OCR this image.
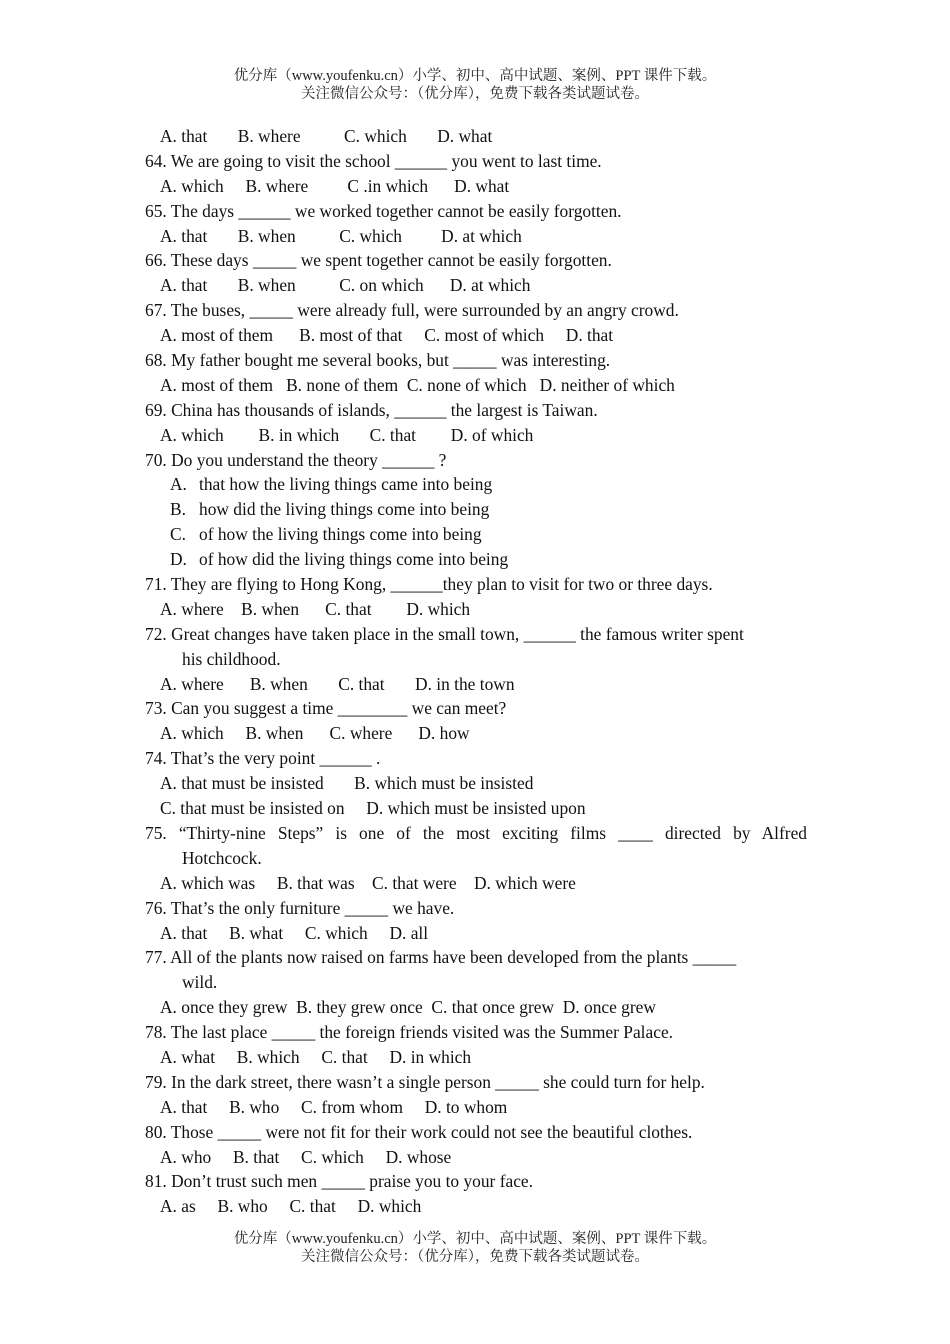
优分库（www.youfenku.cn）小学、初中、高中试题、案例、PPT 课件下载。
关注微信公众号：（优分库），免费下载各类试题试卷。
A. that       B. where          C. which       D. what
64. We are going to visit the school ______ you went to last time.
A. which     B. where         C .in which      D. what
65. The days ______ we worked together cannot be easily forgotten.
A. that       B. when          C. which         D. at which
66. These days _____ we spent together cannot be easily forgotten.
A. that       B. when          C. on which      D. at which
67. The buses, _____ were already full, were surrounded by an angry crowd.
A. most of them      B. most of that     C. most of which     D. that
68. My father bought me several books, but _____ was interesting.
A. most of them   B. none of them  C. none of which   D. neither of which
69. China has thousands of islands, ______ the largest is Taiwan.
A. which        B. in which       C. that        D. of which
70. Do you understand the theory ______ ?
A. that how the living things came into being
B. how did the living things come into being
C. of how the living things come into being
D. of how did the living things come into being
71. They are flying to Hong Kong, ______they plan to visit for two or three days.
A. where    B. when      C. that        D. which
72. Great changes have taken place in the small town, ______ the famous writer spent
his childhood.
A. where      B. when       C. that       D. in the town
73. Can you suggest a time ________ we can meet?
A. which     B. when      C. where      D. how
74. That’s the very point ______ .
A. that must be insisted       B. which must be insisted
C. that must be insisted on     D. which must be insisted upon
75. “Thirty-nine Steps” is one of the most exciting films ____ directed by Alfred
Hotchcock.
A. which was     B. that was    C. that were    D. which were
76. That’s the only furniture _____ we have.
A. that     B. what     C. which     D. all
77. All of the plants now raised on farms have been developed from the plants _____
wild.
A. once they grew  B. they grew once  C. that once grew  D. once grew
78. The last place _____ the foreign friends visited was the Summer Palace.
A. what     B. which     C. that     D. in which
79. In the dark street, there wasn’t a single person _____ she could turn for help.
A. that     B. who     C. from whom     D. to whom
80. Those _____ were not fit for their work could not see the beautiful clothes.
A. who     B. that     C. which     D. whose
81. Don’t trust such men _____ praise you to your face.
A. as     B. who     C. that     D. which
优分库（www.youfenku.cn）小学、初中、高中试题、案例、PPT 课件下载。
关注微信公众号：（优分库），免费下载各类试题试卷。
